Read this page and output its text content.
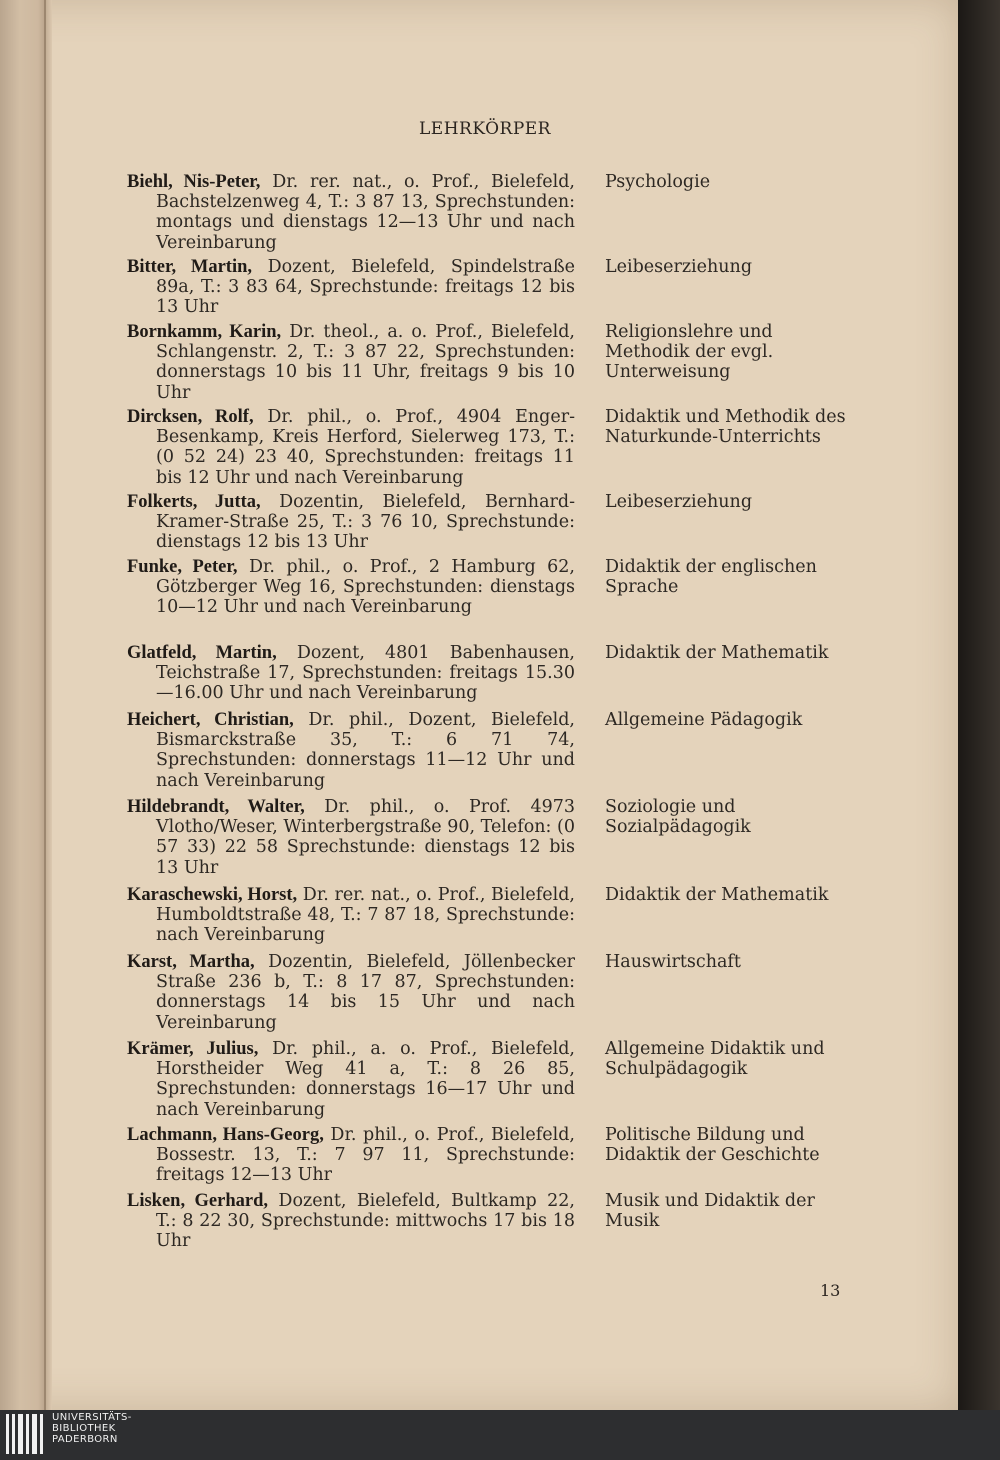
LEHRKÖRPER
Biehl, Nis-Peter, Dr. rer. nat., o. Prof., Bielefeld, Bachstelzenweg 4, T.: 3 87 13, Sprechstunden: montags und dienstags 12—13 Uhr und nach Vereinbarung
Psychologie
Bitter, Martin, Dozent, Bielefeld, Spindelstraße 89a, T.: 3 83 64, Sprechstunde: freitags 12 bis 13 Uhr
Leibeserziehung
Bornkamm, Karin, Dr. theol., a. o. Prof., Bielefeld, Schlangenstr. 2, T.: 3 87 22, Sprechstunden: donnerstags 10 bis 11 Uhr, freitags 9 bis 10 Uhr
Religionslehre und Methodik der evgl. Unterweisung
Dircksen, Rolf, Dr. phil., o. Prof., 4904 Enger-Besenkamp, Kreis Herford, Sielerweg 173, T.: (0 52 24) 23 40, Sprechstunden: freitags 11 bis 12 Uhr und nach Vereinbarung
Didaktik und Methodik des Naturkunde-Unterrichts
Folkerts, Jutta, Dozentin, Bielefeld, Bernhard-Kramer-Straße 25, T.: 3 76 10, Sprechstunde: dienstags 12 bis 13 Uhr
Leibeserziehung
Funke, Peter, Dr. phil., o. Prof., 2 Hamburg 62, Götzberger Weg 16, Sprechstunden: dienstags 10—12 Uhr und nach Vereinbarung
Didaktik der englischen Sprache
Glatfeld, Martin, Dozent, 4801 Babenhausen, Teichstraße 17, Sprechstunden: freitags 15.30—16.00 Uhr und nach Vereinbarung
Didaktik der Mathematik
Heichert, Christian, Dr. phil., Dozent, Bielefeld, Bismarckstraße 35, T.: 6 71 74, Sprechstunden: donnerstags 11—12 Uhr und nach Vereinbarung
Allgemeine Pädagogik
Hildebrandt, Walter, Dr. phil., o. Prof. 4973 Vlotho/Weser, Winterbergstraße 90, Telefon: (0 57 33) 22 58 Sprechstunde: dienstags 12 bis 13 Uhr
Soziologie und Sozialpädagogik
Karaschewski, Horst, Dr. rer. nat., o. Prof., Bielefeld, Humboldtstraße 48, T.: 7 87 18, Sprechstunde: nach Vereinbarung
Didaktik der Mathematik
Karst, Martha, Dozentin, Bielefeld, Jöllenbecker Straße 236 b, T.: 8 17 87, Sprechstunden: donnerstags 14 bis 15 Uhr und nach Vereinbarung
Hauswirtschaft
Krämer, Julius, Dr. phil., a. o. Prof., Bielefeld, Horstheider Weg 41 a, T.: 8 26 85, Sprechstunden: donnerstags 16—17 Uhr und nach Vereinbarung
Allgemeine Didaktik und Schulpädagogik
Lachmann, Hans-Georg, Dr. phil., o. Prof., Bielefeld, Bossestr. 13, T.: 7 97 11, Sprechstunde: freitags 12—13 Uhr
Politische Bildung und Didaktik der Geschichte
Lisken, Gerhard, Dozent, Bielefeld, Bultkamp 22, T.: 8 22 30, Sprechstunde: mittwochs 17 bis 18 Uhr
Musik und Didaktik der Musik
13
UNIVERSITÄTS-
BIBLIOTHEK
PADERBORN
